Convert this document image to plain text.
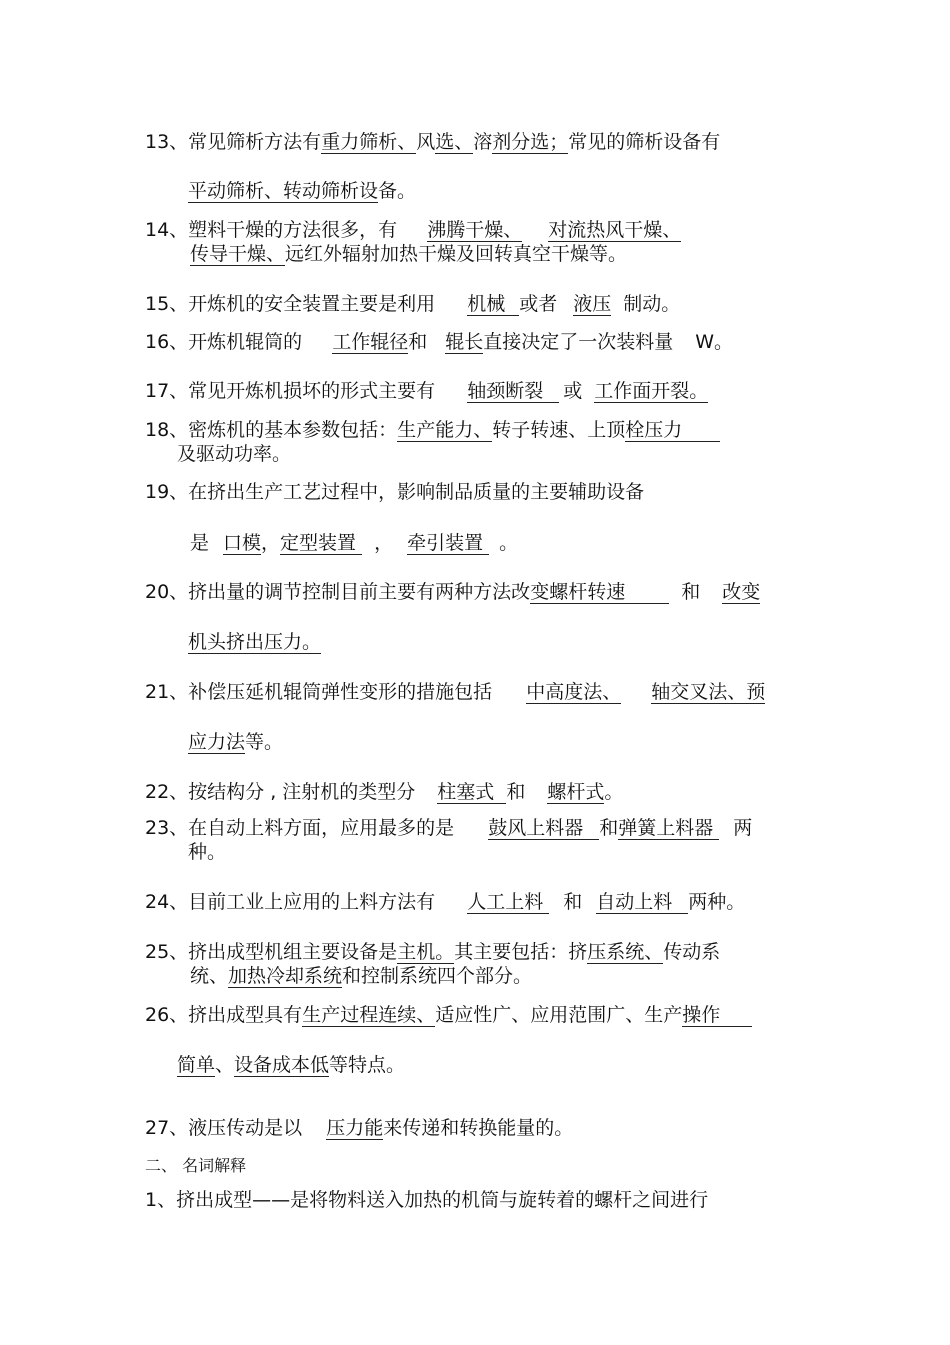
13、常见筛析方法有重力筛析、风选、溶剂分选；常见的筛析设备有
平动筛析、转动筛析设备。
14、塑料干燥的方法很多，有 沸腾干燥、 对流热风干燥、
传导干燥、远红外辐射加热干燥及回转真空干燥等。
15、开炼机的安全装置主要是利用 机械 或者 液压 制动。
16、开炼机辊筒的 工作辊径和 辊长直接决定了一次装料量 W。
17、常见开炼机损坏的形式主要有 轴颈断裂 或 工作面开裂。
18、密炼机的基本参数包括：生产能力、转子转速、上顶栓压力
及驱动功率。
19、在挤出生产工艺过程中，影响制品质量的主要辅助设备
是 口模，定型装置 ， 牵引装置 。
20、挤出量的调节控制目前主要有两种方法改变螺杆转速	和 改变
机头挤出压力。
21、补偿压延机辊筒弹性变形的措施包括 中高度法、 轴交叉法、预
应力法等。
22、按结构分 , 注射机的类型分 柱塞式 和 螺杆式。
23、在自动上料方面，应用最多的是 鼓风上料器 和弹簧上料器 两
种。
24、目前工业上应用的上料方法有 人工上料 和 自动上料 两种。
25、挤出成型机组主要设备是主机。其主要包括：挤压系统、传动系
统、加热冷却系统和控制系统四个部分。
26、挤出成型具有生产过程连续、适应性广、应用范围广、生产操作
简单、设备成本低等特点。
27、液压传动是以 压力能来传递和转换能量的。
二、 名词解释
1、挤出成型——是将物料送入加热的机筒与旋转着的螺杆之间进行
